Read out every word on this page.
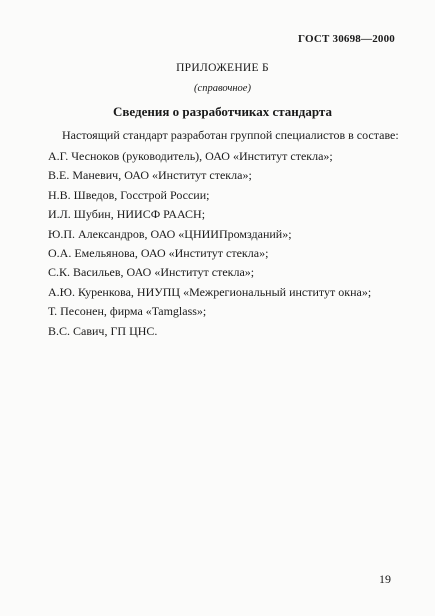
ГОСТ 30698—2000
ПРИЛОЖЕНИЕ Б
(справочное)
Сведения о разработчиках стандарта
Настоящий стандарт разработан группой специалистов в составе:
А.Г. Чесноков (руководитель), ОАО «Институт стекла»;
В.Е. Маневич, ОАО «Институт стекла»;
Н.В. Шведов, Госстрой России;
И.Л. Шубин, НИИСФ РААСН;
Ю.П. Александров, ОАО «ЦНИИПромзданий»;
О.А. Емельянова, ОАО «Институт стекла»;
С.К. Васильев, ОАО «Институт стекла»;
А.Ю. Куренкова, НИУПЦ «Межрегиональный институт окна»;
Т. Песонен, фирма «Tamglass»;
В.С. Савич, ГП ЦНС.
19
